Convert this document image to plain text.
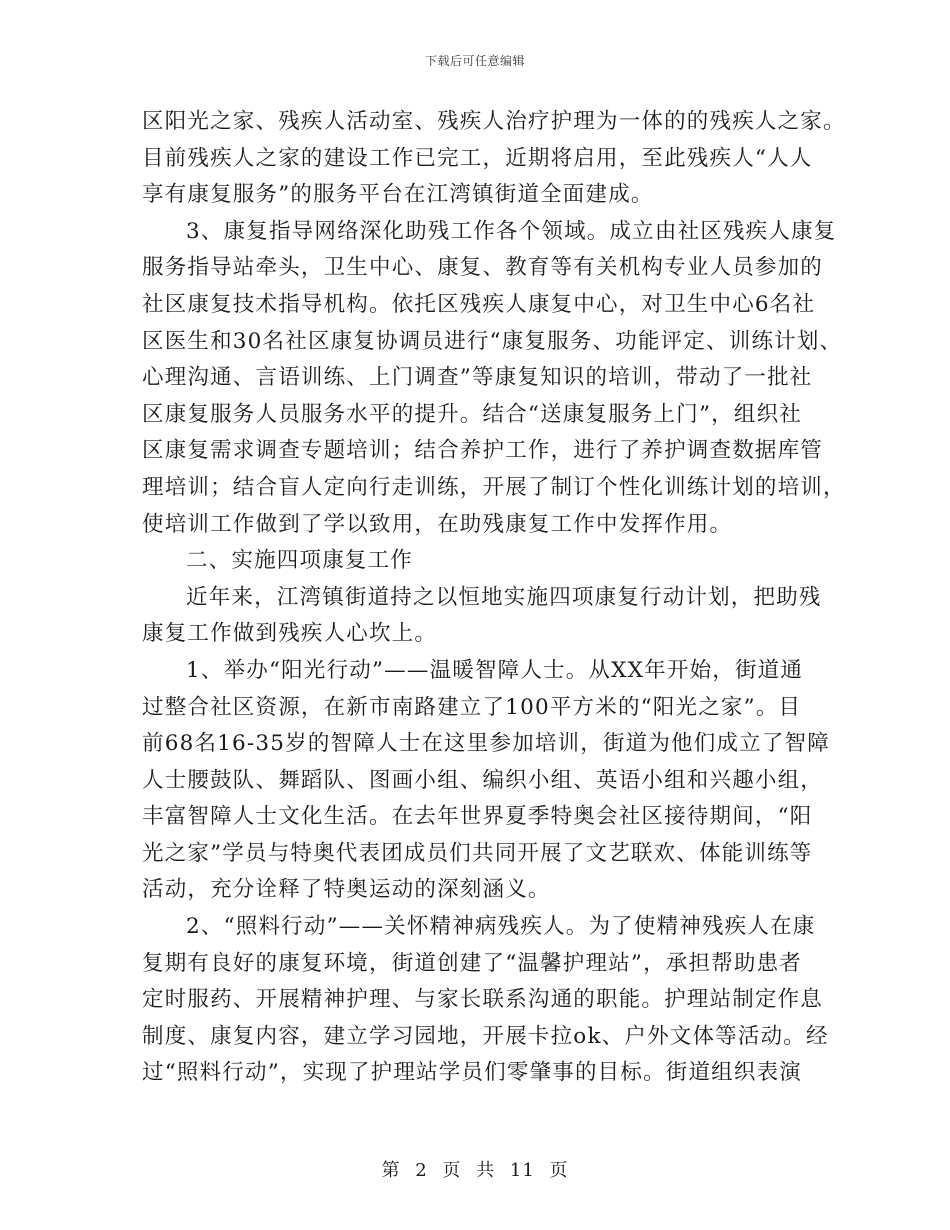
下载后可任意编辑
区阳光之家、残疾人活动室、残疾人治疗护理为一体的的残疾人之家。
目前残疾人之家的建设工作已完工，近期将启用，至此残疾人“人人
享有康复服务”的服务平台在江湾镇街道全面建成。
3、康复指导网络深化助残工作各个领域。成立由社区残疾人康复
服务指导站牵头，卫生中心、康复、教育等有关机构专业人员参加的
社区康复技术指导机构。依托区残疾人康复中心，对卫生中心6名社
区医生和30名社区康复协调员进行“康复服务、功能评定、训练计划、
心理沟通、言语训练、上门调查”等康复知识的培训，带动了一批社
区康复服务人员服务水平的提升。结合“送康复服务上门”，组织社
区康复需求调查专题培训；结合养护工作，进行了养护调查数据库管
理培训；结合盲人定向行走训练，开展了制订个性化训练计划的培训，
使培训工作做到了学以致用，在助残康复工作中发挥作用。
二、实施四项康复工作
近年来，江湾镇街道持之以恒地实施四项康复行动计划，把助残
康复工作做到残疾人心坎上。
1、举办“阳光行动”——温暖智障人士。从XX年开始，街道通
过整合社区资源，在新市南路建立了100平方米的“阳光之家”。目
前68名16-35岁的智障人士在这里参加培训，街道为他们成立了智障
人士腰鼓队、舞蹈队、图画小组、编织小组、英语小组和兴趣小组，
丰富智障人士文化生活。在去年世界夏季特奥会社区接待期间，“阳
光之家”学员与特奥代表团成员们共同开展了文艺联欢、体能训练等
活动，充分诠释了特奥运动的深刻涵义。
2、“照料行动”——关怀精神病残疾人。为了使精神残疾人在康
复期有良好的康复环境，街道创建了“温馨护理站”，承担帮助患者
定时服药、开展精神护理、与家长联系沟通的职能。护理站制定作息
制度、康复内容，建立学习园地，开展卡拉ok、户外文体等活动。经
过“照料行动”，实现了护理站学员们零肇事的目标。街道组织表演
第 2 页 共 11 页
